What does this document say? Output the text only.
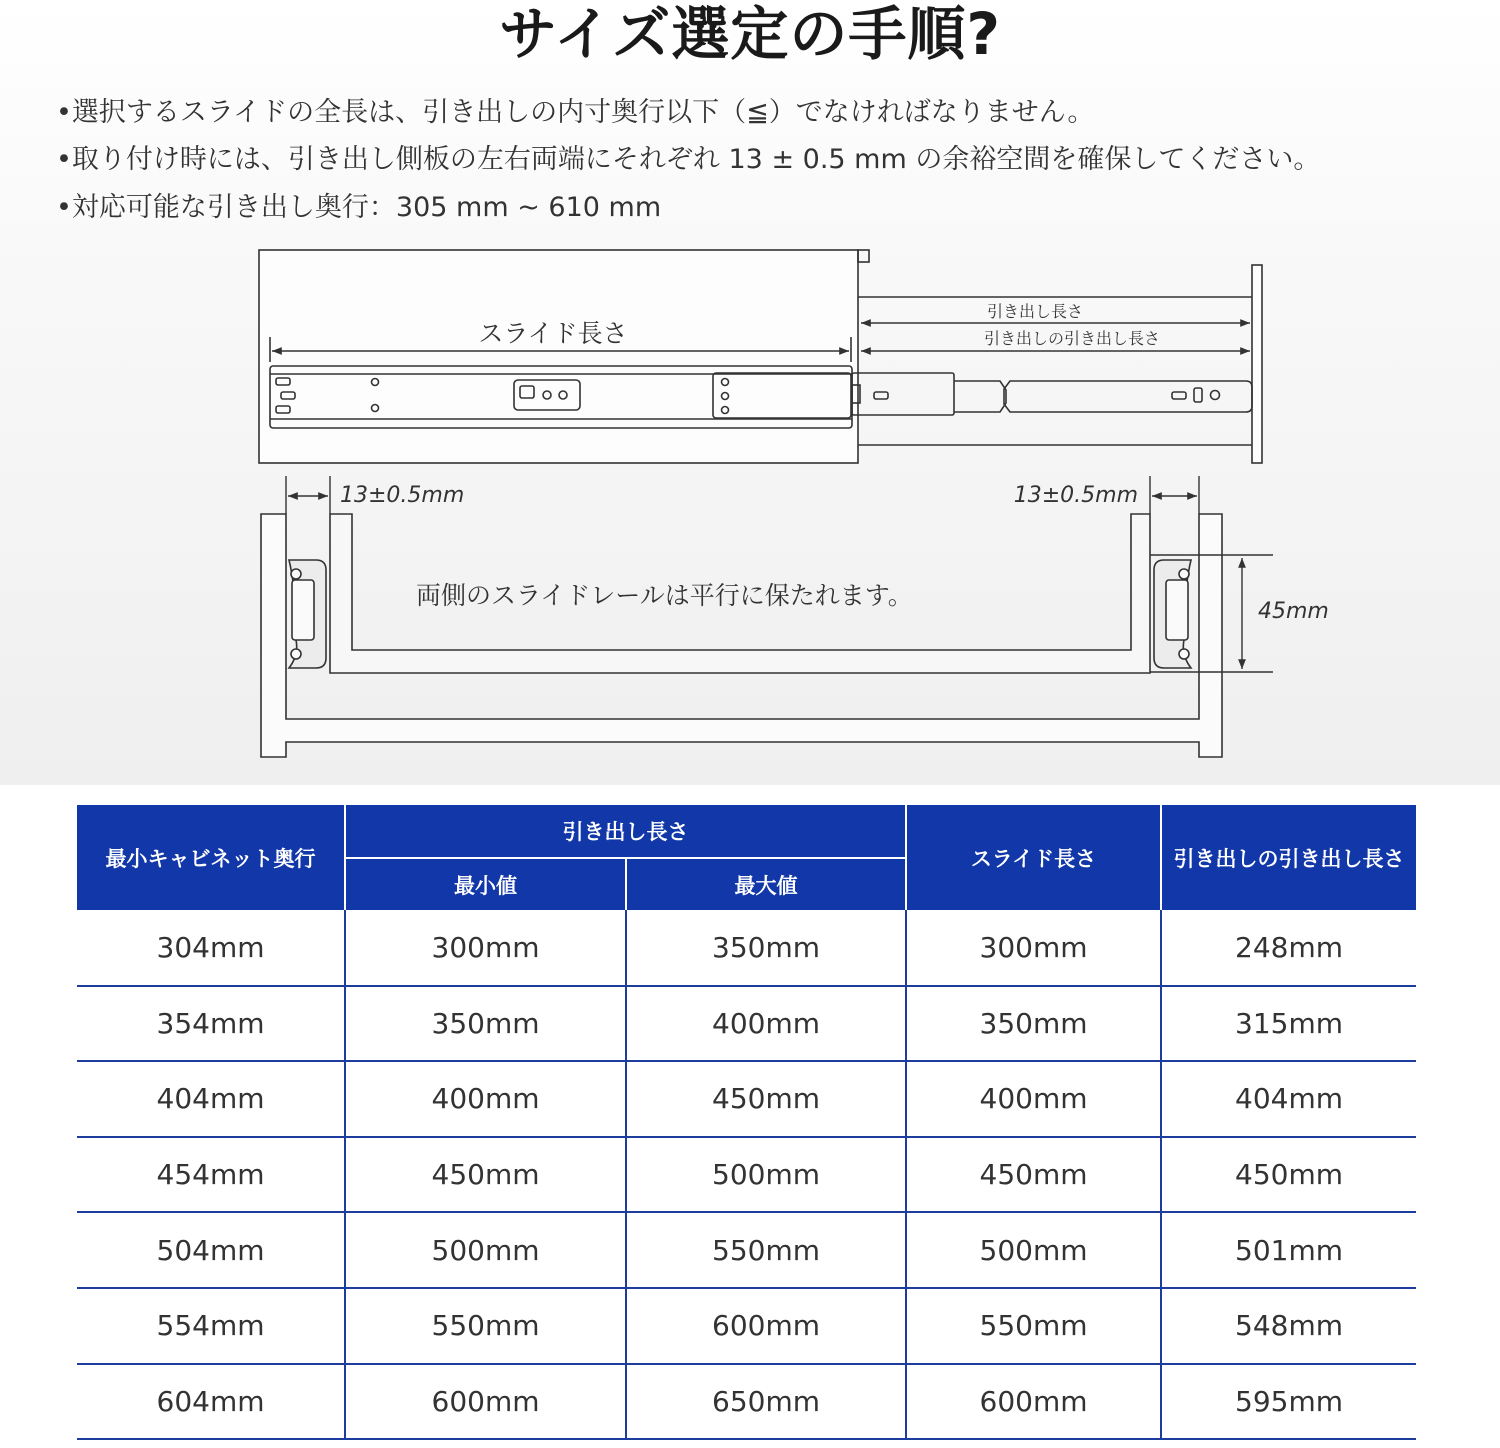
サイズ選定の手順?
•選択するスライドの全長は、引き出しの内寸奥行以下（≦）でなければなりません。
•取り付け時には、引き出し側板の左右両端にそれぞれ 13 ± 0.5 mm の余裕空間を確保してください。
•対応可能な引き出し奥行：305 mm ~ 610 mm
スライド長さ
引き出し長さ
引き出しの引き出し長さ
13±0.5mm	13±0.5mm
両側のスライドレールは平行に保たれます。
45mm
最小キャビネット奥行	引き出し長さ		スライド長さ	引き出しの引き出し長さ
	最小値	最大値		
304mm	300mm	350mm	300mm	248mm
354mm	350mm	400mm	350mm	315mm
404mm	400mm	450mm	400mm	404mm
454mm	450mm	500mm	450mm	450mm
504mm	500mm	550mm	500mm	501mm
554mm	550mm	600mm	550mm	548mm
604mm	600mm	650mm	600mm	595mm
